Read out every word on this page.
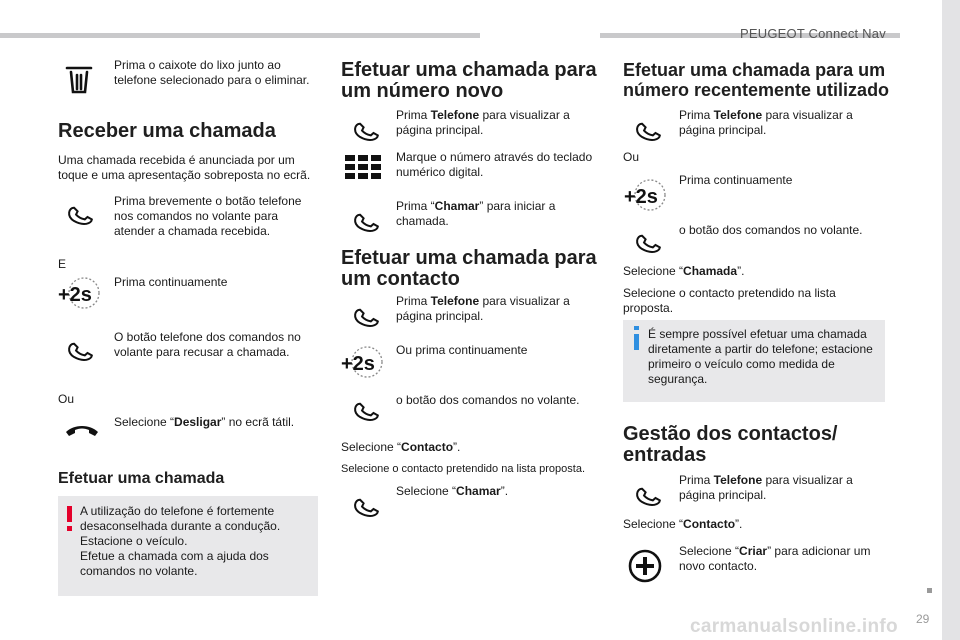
PEUGEOT Connect Nav
29
carmanualsonline.info

Prima o caixote do lixo junto ao telefone selecionado para o eliminar.

Receber uma chamada

Uma chamada recebida é anunciada por um toque e uma apresentação sobreposta no ecrã.

Prima brevemente o botão telefone nos comandos no volante para atender a chamada recebida.

E

+2s

Prima continuamente

O botão telefone dos comandos no volante para recusar a chamada.

Ou

Selecione “Desligar” no ecrã tátil.

Efetuar uma chamada

A utilização do telefone é fortemente desaconselhada durante a condução.

Estacione o veículo.

Efetue a chamada com a ajuda dos comandos no volante.

Efetuar uma chamada para
um número novo

Prima Telefone para visualizar a página principal.

Marque o número através do teclado numérico digital.

Prima “Chamar” para iniciar a chamada.

Efetuar uma chamada para
um contacto

Prima Telefone para visualizar a página principal.

+2s

Ou prima continuamente

o botão dos comandos no volante.

Selecione “Contacto”.

Selecione o contacto pretendido na lista proposta.

Selecione “Chamar”.

Efetuar uma chamada para um
número recentemente utilizado

Prima Telefone para visualizar a página principal.

Ou

+2s

Prima continuamente

o botão dos comandos no volante.

Selecione “Chamada”.

Selecione o contacto pretendido na lista proposta.

É sempre possível efetuar uma chamada diretamente a partir do telefone; estacione primeiro o veículo como medida de segurança.

Gestão dos contactos/
entradas

Prima Telefone para visualizar a página principal.

Selecione “Contacto”.

Selecione “Criar” para adicionar um novo contacto.
